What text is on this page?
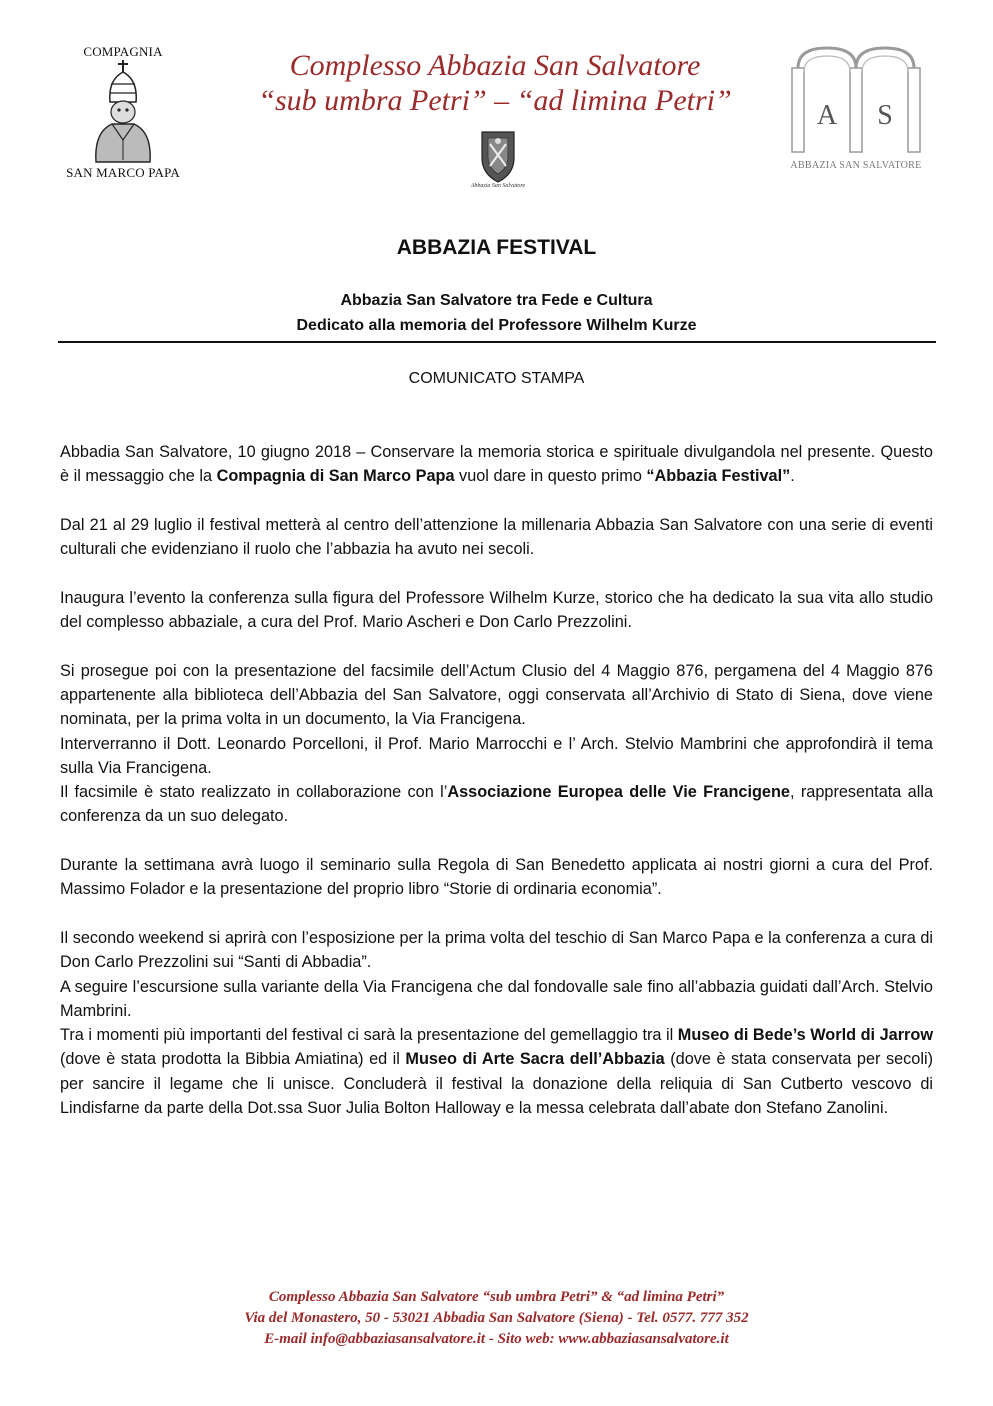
COMPAGNIA
SAN MARCO PAPA
Complesso Abbazia San Salvatore
“sub umbra Petri” – “ad limina Petri”
Abbazia San Salvatore
A S
ABBAZIA SAN SALVATORE
ABBAZIA FESTIVAL
Abbazia San Salvatore tra Fede e Cultura
Dedicato alla memoria del Professore Wilhelm Kurze
COMUNICATO STAMPA

Abbadia San Salvatore, 10 giugno 2018 – Conservare la memoria storica e spirituale divulgandola nel presente. Questo è il messaggio che la Compagnia di San Marco Papa vuol dare in questo primo “Abbazia Festival”.

Dal 21 al 29 luglio il festival metterà al centro dell’attenzione la millenaria Abbazia San Salvatore con una serie di eventi culturali che evidenziano il ruolo che l’abbazia ha avuto nei secoli.

Inaugura l’evento la conferenza sulla figura del Professore Wilhelm Kurze, storico che ha dedicato la sua vita allo studio del complesso abbaziale, a cura del Prof. Mario Ascheri e Don Carlo Prezzolini.

Si prosegue poi con la presentazione del facsimile dell’Actum Clusio del 4 Maggio 876, pergamena del 4 Maggio 876 appartenente alla biblioteca dell’Abbazia del San Salvatore, oggi conservata all’Archivio di Stato di Siena, dove viene nominata, per la prima volta in un documento, la Via Francigena.

Interverranno il Dott. Leonardo Porcelloni, il Prof. Mario Marrocchi e l’ Arch. Stelvio Mambrini che approfondirà il tema sulla Via Francigena.

Il facsimile è stato realizzato in collaborazione con l’Associazione Europea delle Vie Francigene, rappresentata alla conferenza da un suo delegato.

Durante la settimana avrà luogo il seminario sulla Regola di San Benedetto applicata ai nostri giorni a cura del Prof. Massimo Folador e la presentazione del proprio libro “Storie di ordinaria economia”.

Il secondo weekend si aprirà con l’esposizione per la prima volta del teschio di San Marco Papa e la conferenza a cura di Don Carlo Prezzolini sui “Santi di Abbadia”.

A seguire l’escursione sulla variante della Via Francigena che dal fondovalle sale fino all’abbazia guidati dall’Arch. Stelvio Mambrini.

Tra i momenti più importanti del festival ci sarà la presentazione del gemellaggio tra il Museo di Bede’s World di Jarrow (dove è stata prodotta la Bibbia Amiatina) ed il Museo di Arte Sacra dell’Abbazia (dove è stata conservata per secoli) per sancire il legame che li unisce. Concluderà il festival la donazione della reliquia di San Cutberto vescovo di Lindisfarne da parte della Dot.ssa Suor Julia Bolton Halloway e la messa celebrata dall’abate don Stefano Zanolini.

Complesso Abbazia San Salvatore “sub umbra Petri” & “ad limina Petri”
Via del Monastero, 50 - 53021 Abbadia San Salvatore (Siena) - Tel. 0577. 777 352
E-mail info@abbaziasansalvatore.it - Sito web: www.abbaziasansalvatore.it
